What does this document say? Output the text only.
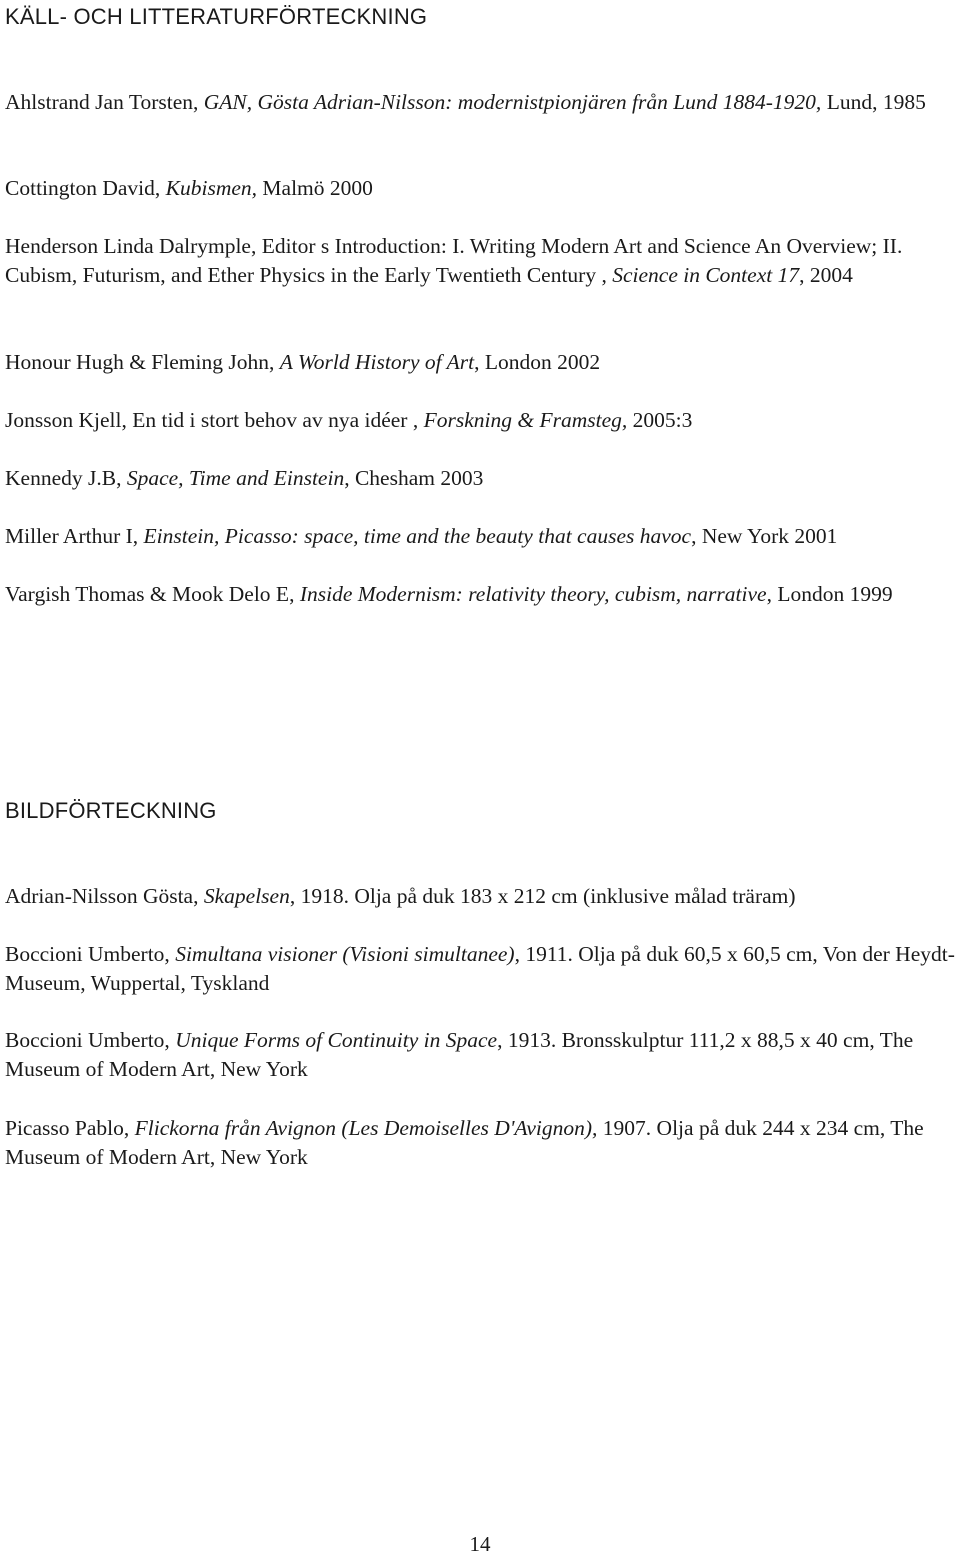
KÄLL- OCH LITTERATURFÖRTECKNING

Ahlstrand Jan Torsten, GAN, Gösta Adrian-Nilsson: modernistpionjären från Lund 1884-1920, Lund, 1985

Cottington David, Kubismen, Malmö 2000

Henderson Linda Dalrymple, Editor s Introduction: I. Writing Modern Art and Science An Overview; II. Cubism, Futurism, and Ether Physics in the Early Twentieth Century , Science in Context 17, 2004

Honour Hugh & Fleming John, A World History of Art, London 2002

Jonsson Kjell, En tid i stort behov av nya idéer , Forskning & Framsteg, 2005:3

Kennedy J.B, Space, Time and Einstein, Chesham 2003

Miller Arthur I, Einstein, Picasso: space, time and the beauty that causes havoc, New York 2001

Vargish Thomas & Mook Delo E, Inside Modernism: relativity theory, cubism, narrative, London 1999

BILDFÖRTECKNING

Adrian-Nilsson Gösta, Skapelsen, 1918. Olja på duk 183 x 212 cm (inklusive målad träram)

Boccioni Umberto, Simultana visioner (Visioni simultanee), 1911. Olja på duk 60,5 x 60,5 cm, Von der Heydt-Museum, Wuppertal, Tyskland

Boccioni Umberto, Unique Forms of Continuity in Space, 1913. Bronsskulptur 111,2 x 88,5 x 40 cm, The Museum of Modern Art, New York

Picasso Pablo, Flickorna från Avignon (Les Demoiselles D'Avignon), 1907. Olja på duk 244 x 234 cm, The Museum of Modern Art, New York

14
